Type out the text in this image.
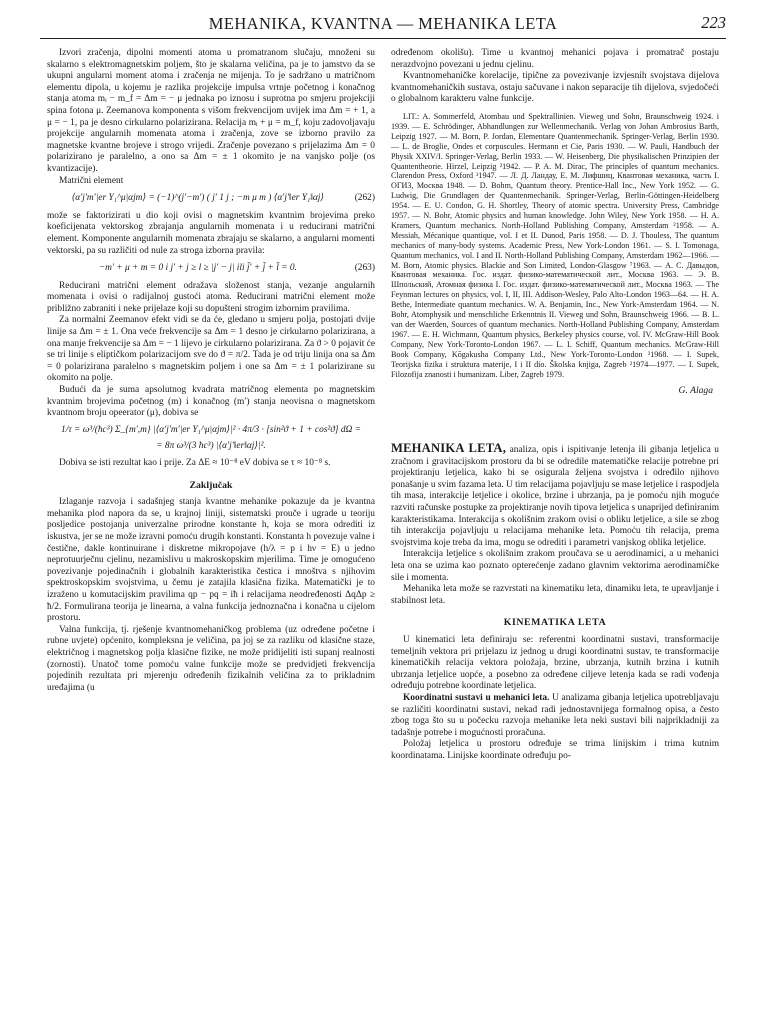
MEHANIKA, KVANTNA — MEHANIKA LETA	223

Izvori zračenja, dipolni momenti atoma u promatranom slučaju, množeni su skalarno s elektromagnetskim poljem, što je skalarna veličina, pa je to jamstvo da se ukupni angularni moment atoma i zračenja ne mijenja. To je sadržano u matričnom elementu dipola, u kojemu je razlika projekcije impulsa vrtnje početnog i konačnog stanja atoma mᵢ − m_f = Δm = − μ jednaka po iznosu i suprotna po smjeru projekciji spina fotona μ. Zeemanova komponenta s višom frekvencijom uvijek ima Δm = + 1, a μ = − 1, pa je desno cirkularno polarizirana. Relacija mᵢ + μ = m_f, koju zadovoljavaju projekcije angularnih momenata atoma i zračenja, zove se izborno pravilo za magnetske kvantne brojeve i strogo vrijedi. Zračenje povezano s prijelazima Δm = 0 polarizirano je paralelno, a ono sa Δm = ± 1 okomito je na vanjsko polje (os kvantizacije).

Matrični element

⟨α′j′m′|er Y₁^μ|αjm⟩ = (−1)^(j′−m′) ( j′ 1 j ; −m μ m ) ⟨α′j′‖er Y₁‖αj⟩	(262)

može se faktorizirati u dio koji ovisi o magnetskim kvantnim brojevima preko koeficijenata vektorskog zbrajanja angularnih momenata i u reducirani matrični element. Komponente angularnih momenata zbrajaju se skalarno, a angularni momenti vektorski, pa su različiti od nule za stroga izborna pravila:

−m′ + μ + m = 0 i j′ + j ≥ l ≥ |j′ − j| ili j̄′ + j̄ + l̄ = 0.	(263)

Reducirani matrični element odražava složenost stanja, vezanje angularnih momenata i ovisi o radijalnoj gustoći atoma. Reducirani matrični element može približno zabraniti i neke prijelaze koji su dopušteni strogim izbornim pravilima.

Za normalni Zeemanov efekt vidi se da će, gledano u smjeru polja, postojati dvije linije sa Δm = ± 1. Ona veće frekvencije sa Δm = 1 desno je cirkularno polarizirana, a ona manje frekvencije sa Δm = − 1 lijevo je cirkularno polarizirana. Za ϑ > 0 pojavit će se tri linije s eliptičkom polarizacijom sve do ϑ = π/2. Tada je od triju linija ona sa Δm = 0 polarizirana paralelno s magnetskim poljem i one sa Δm = ± 1 polarizirane su okomito na polje.

Budući da je suma apsolutnog kvadrata matričnog elementa po magnetskim kvantnim brojevima početnog (m) i konačnog (m′) stanja neovisna o magnetskom kvantnom broju opeerator (μ), dobiva se

1/τ = ω³/(ħc³) Σ_{m′,m} |⟨α′j′m′|er Y₁^μ|αjm⟩|² · 4π/3 · [sin²ϑ + 1 + cos²ϑ] dΩ =
= 8π ω³/(3 ħc³) |⟨α′j′‖er‖αj⟩|².

Dobiva se isti rezultat kao i prije. Za ΔE ≈ 10⁻⁸ eV dobiva se τ ≈ 10⁻⁸ s.

Zaključak

Izlaganje razvoja i sadašnjeg stanja kvantne mehanike pokazuje da je kvantna mehanika plod napora da se, u krajnoj liniji, sistematski prouče i ugrade u teoriju posljedice postojanja univerzalne prirodne konstante h, koja se mora odrediti iz iskustva, jer se ne može izravni pomoću drugih konstanti. Konstanta h povezuje valne i čestične, dakle kontinuirane i diskretne mikropojave (h/λ = p i hν = E) u jedno neprotuurječnu cjelinu, nezamislivu u makroskopskim mjerilima. Time je omogućeno povezivanje pojedinačnih i globalnih karakteristika čestica i mnoštva s njihovim spektroskopskim svojstvima, u čemu je zatajila klasična fizika. Matematički je to izraženo u komutacijskim pravilima qp − pq = iħ i relacijama neodređenosti ΔqΔp ≥ ħ/2. Formulirana teorija je linearna, a valna funkcija jednoznačna i konačna u cijelom prostoru.

Valna funkcija, tj. rješenje kvantnomehaničkog problema (uz određene početne i rubne uvjete) općenito, kompleksna je veličina, pa joj se za razliku od klasične staze, električnog i magnetskog polja klasične fizike, ne može pridijeliti isti supanj realnosti (zornosti). Unatoč tome pomoću valne funkcije može se predvidjeti frekvencija pojedinih rezultata pri mjerenju određenih fizikalnih veličina za to prikladnim uređajima (u

određenom okolišu). Time u kvantnoj mehanici pojava i promatrač postaju nerazdvojno povezani u jednu cjelinu.

Kvantnomehaničke korelacije, tipične za povezivanje izvjesnih svojstava dijelova kvantnomehaničkih sustava, ostaju sačuvane i nakon separacije tih dijelova, svjedočeći o globalnom karakteru valne funkcije.

LIT.: A. Sommerfeld, Atombau und Spektrallinien. Vieweg und Sohn, Braunschweig 1924. i 1939. — E. Schrödinger, Abhandlungen zur Wellenmechanik. Verlag von Johan Ambrosius Barth, Leipzig 1927. — M. Born, P. Jordan, Elementare Quantenmechanik. Springer-Verlag, Berlin 1930. — L. de Broglie, Ondes et corpuscules. Hermann et Cie, Paris 1930. — W. Pauli, Handbuch der Physik XXIV/I. Springer-Verlag, Berlin 1933. — W. Heisenberg, Die physikalischen Prinzipien der Quantentheorie. Hirzel, Leipzig ²1942. — P. A. M. Dirac, The principles of quantum mechanics. Clarendon Press, Oxford ³1947. — Л. Д. Ландау, Е. М. Лифшиц, Квантовая механика, часть I. ОГИЗ, Москва 1948. — D. Bohm, Quantum theory. Prentice-Hall Inc., New York 1952. — G. Ludwig, Die Grundlagen der Quantenmechanik. Springer-Verlag, Berlin-Göttingen-Heidelberg 1954. — E. U. Condon, G. H. Shortley, Theory of atomic spectra. University Press, Cambridge 1957. — N. Bohr, Atomic physics and human knowledge. John Wiley, New York 1958. — H. A. Kramers, Quantum mechanics. North-Holland Publishing Company, Amsterdam ²1958. — A. Messiah, Mécanique quantique, vol. I et II. Dunod, Paris 1958. — D. J. Thouless, The quantum mechanics of many-body systems. Academic Press, New York-London 1961. — S. I. Tomonaga, Quantum mechanics, vol. I and II. North-Holland Publishing Company, Amsterdam 1962—1966. — M. Born, Atomic physics. Blackie and Son Limited, London-Glasgow ⁷1963. — А. С. Давыдов, Квантовая механика. Гос. издат. физико-математической лит., Москва 1963. — Э. В. Шпольский, Атомная физика I. Гос. издат. физико-математической лит., Москва 1963. — The Feynman lectures on physics, vol. I, II, III. Addison-Wesley, Palo Alto-London 1963—64. — H. A. Bethe, Intermediate quantum mechanics. W. A. Benjamin, Inc., New York-Amsterdam 1964. — N. Bohr, Atomphysik und menschliche Erkenntnis II. Vieweg und Sohn, Braunschweig 1966. — B. L. van der Waerden, Sources of quantum mechanics. North-Holland Publishing Company, Amsterdam 1967. — E. H. Wichmann, Quantum physics, Berkeley physics course, vol. IV. McGraw-Hill Book Company, New York-Toronto-London 1967. — L. I. Schiff, Quantum mechanics. McGraw-Hill Book Company, Kōgakusha Company Ltd., New York-Toronto-London ³1968. — I. Supek, Teorijska fizika i struktura materije, I i II dio. Školska knjiga, Zagreb ²1974—1977. — I. Supek, Filozofija znanosti i humanizam. Liber, Zagreb 1979.

G. Alaga

MEHANIKA LETA, analiza, opis i ispitivanje letenja ili gibanja letjelica u zračnom i gravitacijskom prostoru da bi se odredile matematičke relacije potrebne pri projektiranju letjelica, kako bi se osigurala željena svojstva i određilo njihovo ponašanje u svim fazama leta. U tim relacijama pojavljuju se mase letjelice i raspodjela tih masa, interakcije letjelice i okolice, brzine i ubrzanja, pa je pomoću njih moguće razviti računske postupke za projektiranje novih tipova letjelica s unaprijed definiranim karakteristikama. Interakcija s okolišnim zrakom ovisi o obliku letjelice, a sile se zbog tih interakcija pojavljuju u relacijama mehanike leta. Pomoću tih relacija, prema svojstvima koje treba da ima, mogu se odrediti i parametri vanjskog oblika letjelice.

Interakcija letjelice s okolišnim zrakom proučava se u aerodinamici, a u mehanici leta ona se uzima kao poznato opterećenje zadano glavnim vektorima aerodinamičke sile i momenta.

Mehanika leta može se razvrstati na kinematiku leta, dinamiku leta, te upravljanje i stabilnost leta.

KINEMATIKA LETA

U kinematici leta definiraju se: referentni koordinatni sustavi, transformacije temeljnih vektora pri prijelazu iz jednog u drugi koordinatni sustav, te transformacije kinematičkih relacija vektora položaja, brzine, ubrzanja, kutnih brzina i kutnih ubrzanja letjelice uopće, a posebno za određene ciljeve letenja kada se radi vođenja određuju potrebne koordinate letjelica.

Koordinatni sustavi u mehanici leta. U analizama gibanja letjelica upotrebljavaju se različiti koordinatni sustavi, nekad radi jednostavnijega formalnog opisa, a često zbog toga što su u počecku razvoja mehanike leta neki sustavi bili najprikladniji za tadašnje potrebe i mogućnosti proračuna.

Položaj letjelica u prostoru određuje se trima linijskim i trima kutnim koordinatama. Linijske koordinate određuju po-
